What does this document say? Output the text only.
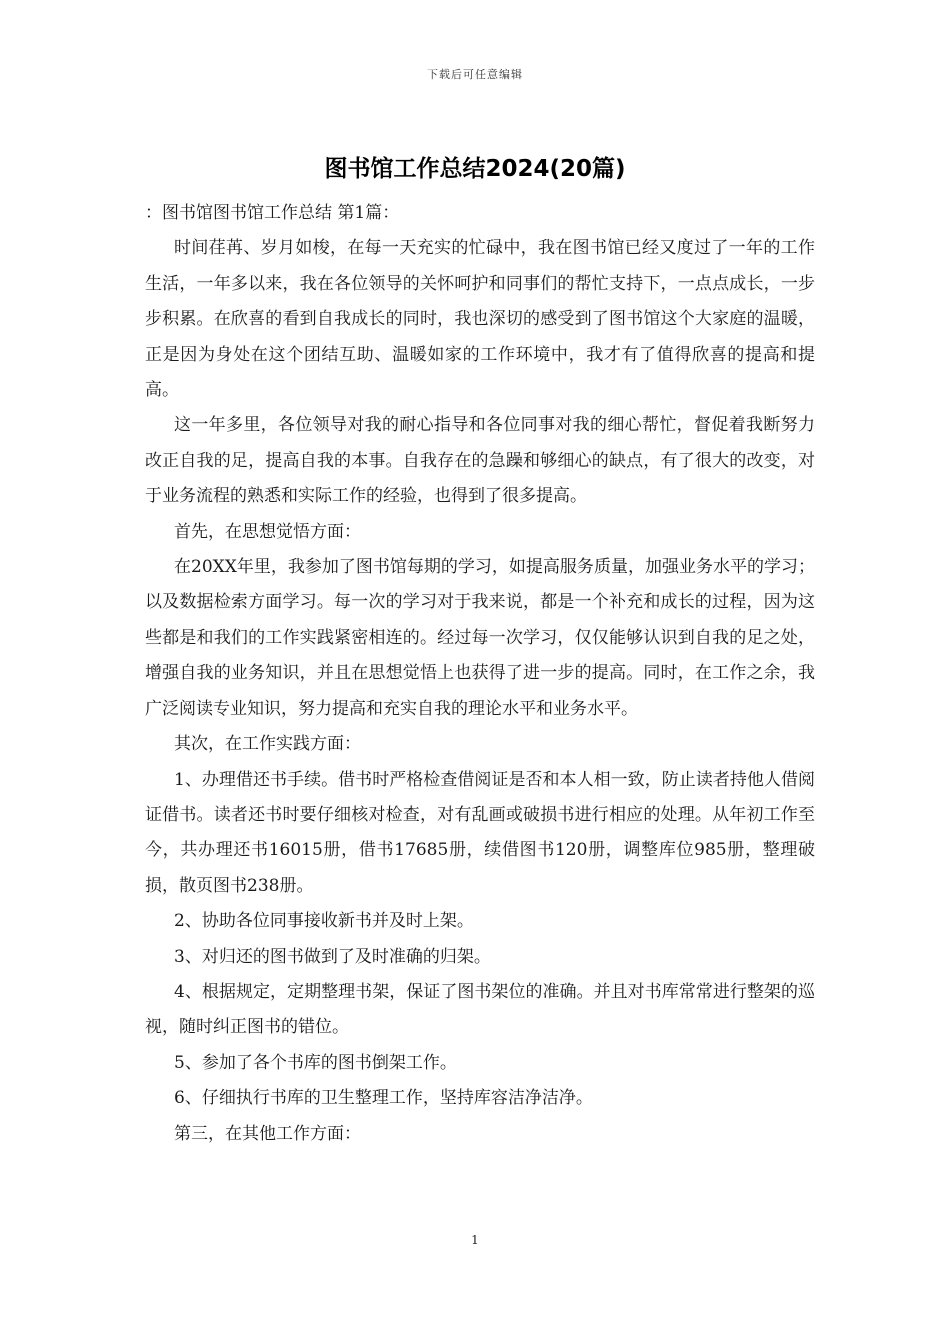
下载后可任意编辑
图书馆工作总结2024(20篇)

：图书馆图书馆工作总结 第1篇：

时间荏苒、岁月如梭，在每一天充实的忙碌中，我在图书馆已经又度过了一年的工作生活，一年多以来，我在各位领导的关怀呵护和同事们的帮忙支持下，一点点成长，一步步积累。在欣喜的看到自我成长的同时，我也深切的感受到了图书馆这个大家庭的温暖，正是因为身处在这个团结互助、温暖如家的工作环境中，我才有了值得欣喜的提高和提高。

这一年多里，各位领导对我的耐心指导和各位同事对我的细心帮忙，督促着我断努力改正自我的足，提高自我的本事。自我存在的急躁和够细心的缺点，有了很大的改变，对于业务流程的熟悉和实际工作的经验，也得到了很多提高。

首先，在思想觉悟方面：

在20XX年里，我参加了图书馆每期的学习，如提高服务质量，加强业务水平的学习；以及数据检索方面学习。每一次的学习对于我来说，都是一个补充和成长的过程，因为这些都是和我们的工作实践紧密相连的。经过每一次学习，仅仅能够认识到自我的足之处，增强自我的业务知识，并且在思想觉悟上也获得了进一步的提高。同时，在工作之余，我广泛阅读专业知识，努力提高和充实自我的理论水平和业务水平。

其次，在工作实践方面：

1、办理借还书手续。借书时严格检查借阅证是否和本人相一致，防止读者持他人借阅证借书。读者还书时要仔细核对检查，对有乱画或破损书进行相应的处理。从年初工作至今，共办理还书16015册，借书17685册，续借图书120册，调整库位985册，整理破损，散页图书238册。

2、协助各位同事接收新书并及时上架。

3、对归还的图书做到了及时准确的归架。

4、根据规定，定期整理书架，保证了图书架位的准确。并且对书库常常进行整架的巡视，随时纠正图书的错位。

5、参加了各个书库的图书倒架工作。

6、仔细执行书库的卫生整理工作，坚持库容洁净洁净。

第三，在其他工作方面：

1
